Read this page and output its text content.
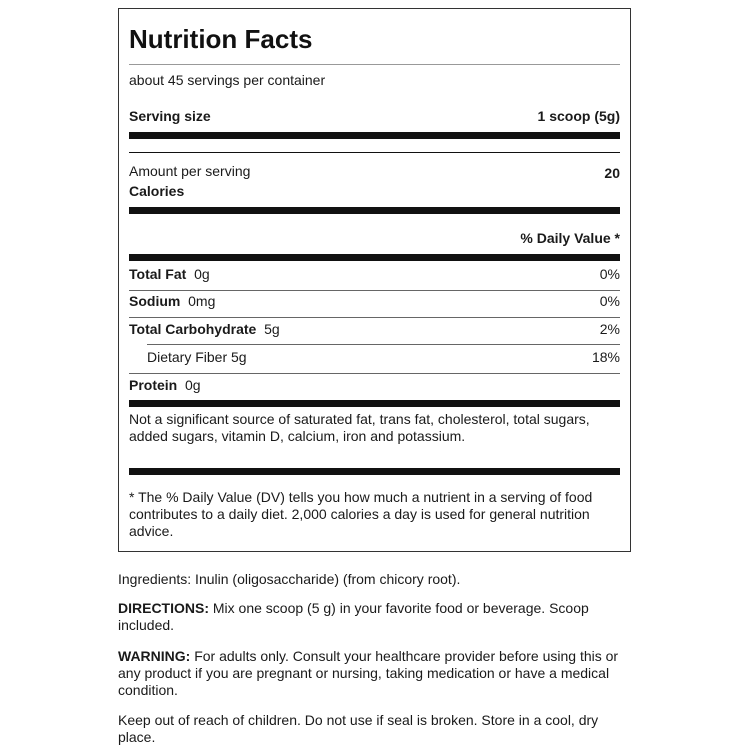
Nutrition Facts
about 45 servings per container
Serving size	1 scoop (5g)
Amount per serving
Calories
20
% Daily Value *
Total Fat 0g	0%
Sodium 0mg	0%
Total Carbohydrate 5g	2%
Dietary Fiber 5g	18%
Protein 0g
Not a significant source of saturated fat, trans fat, cholesterol, total sugars, added sugars, vitamin D, calcium, iron and potassium.
* The % Daily Value (DV) tells you how much a nutrient in a serving of food contributes to a daily diet. 2,000 calories a day is used for general nutrition advice.
Ingredients: Inulin (oligosaccharide) (from chicory root).
DIRECTIONS: Mix one scoop (5 g) in your favorite food or beverage. Scoop included.
WARNING: For adults only. Consult your healthcare provider before using this or any product if you are pregnant or nursing, taking medication or have a medical condition.
Keep out of reach of children. Do not use if seal is broken. Store in a cool, dry place.
